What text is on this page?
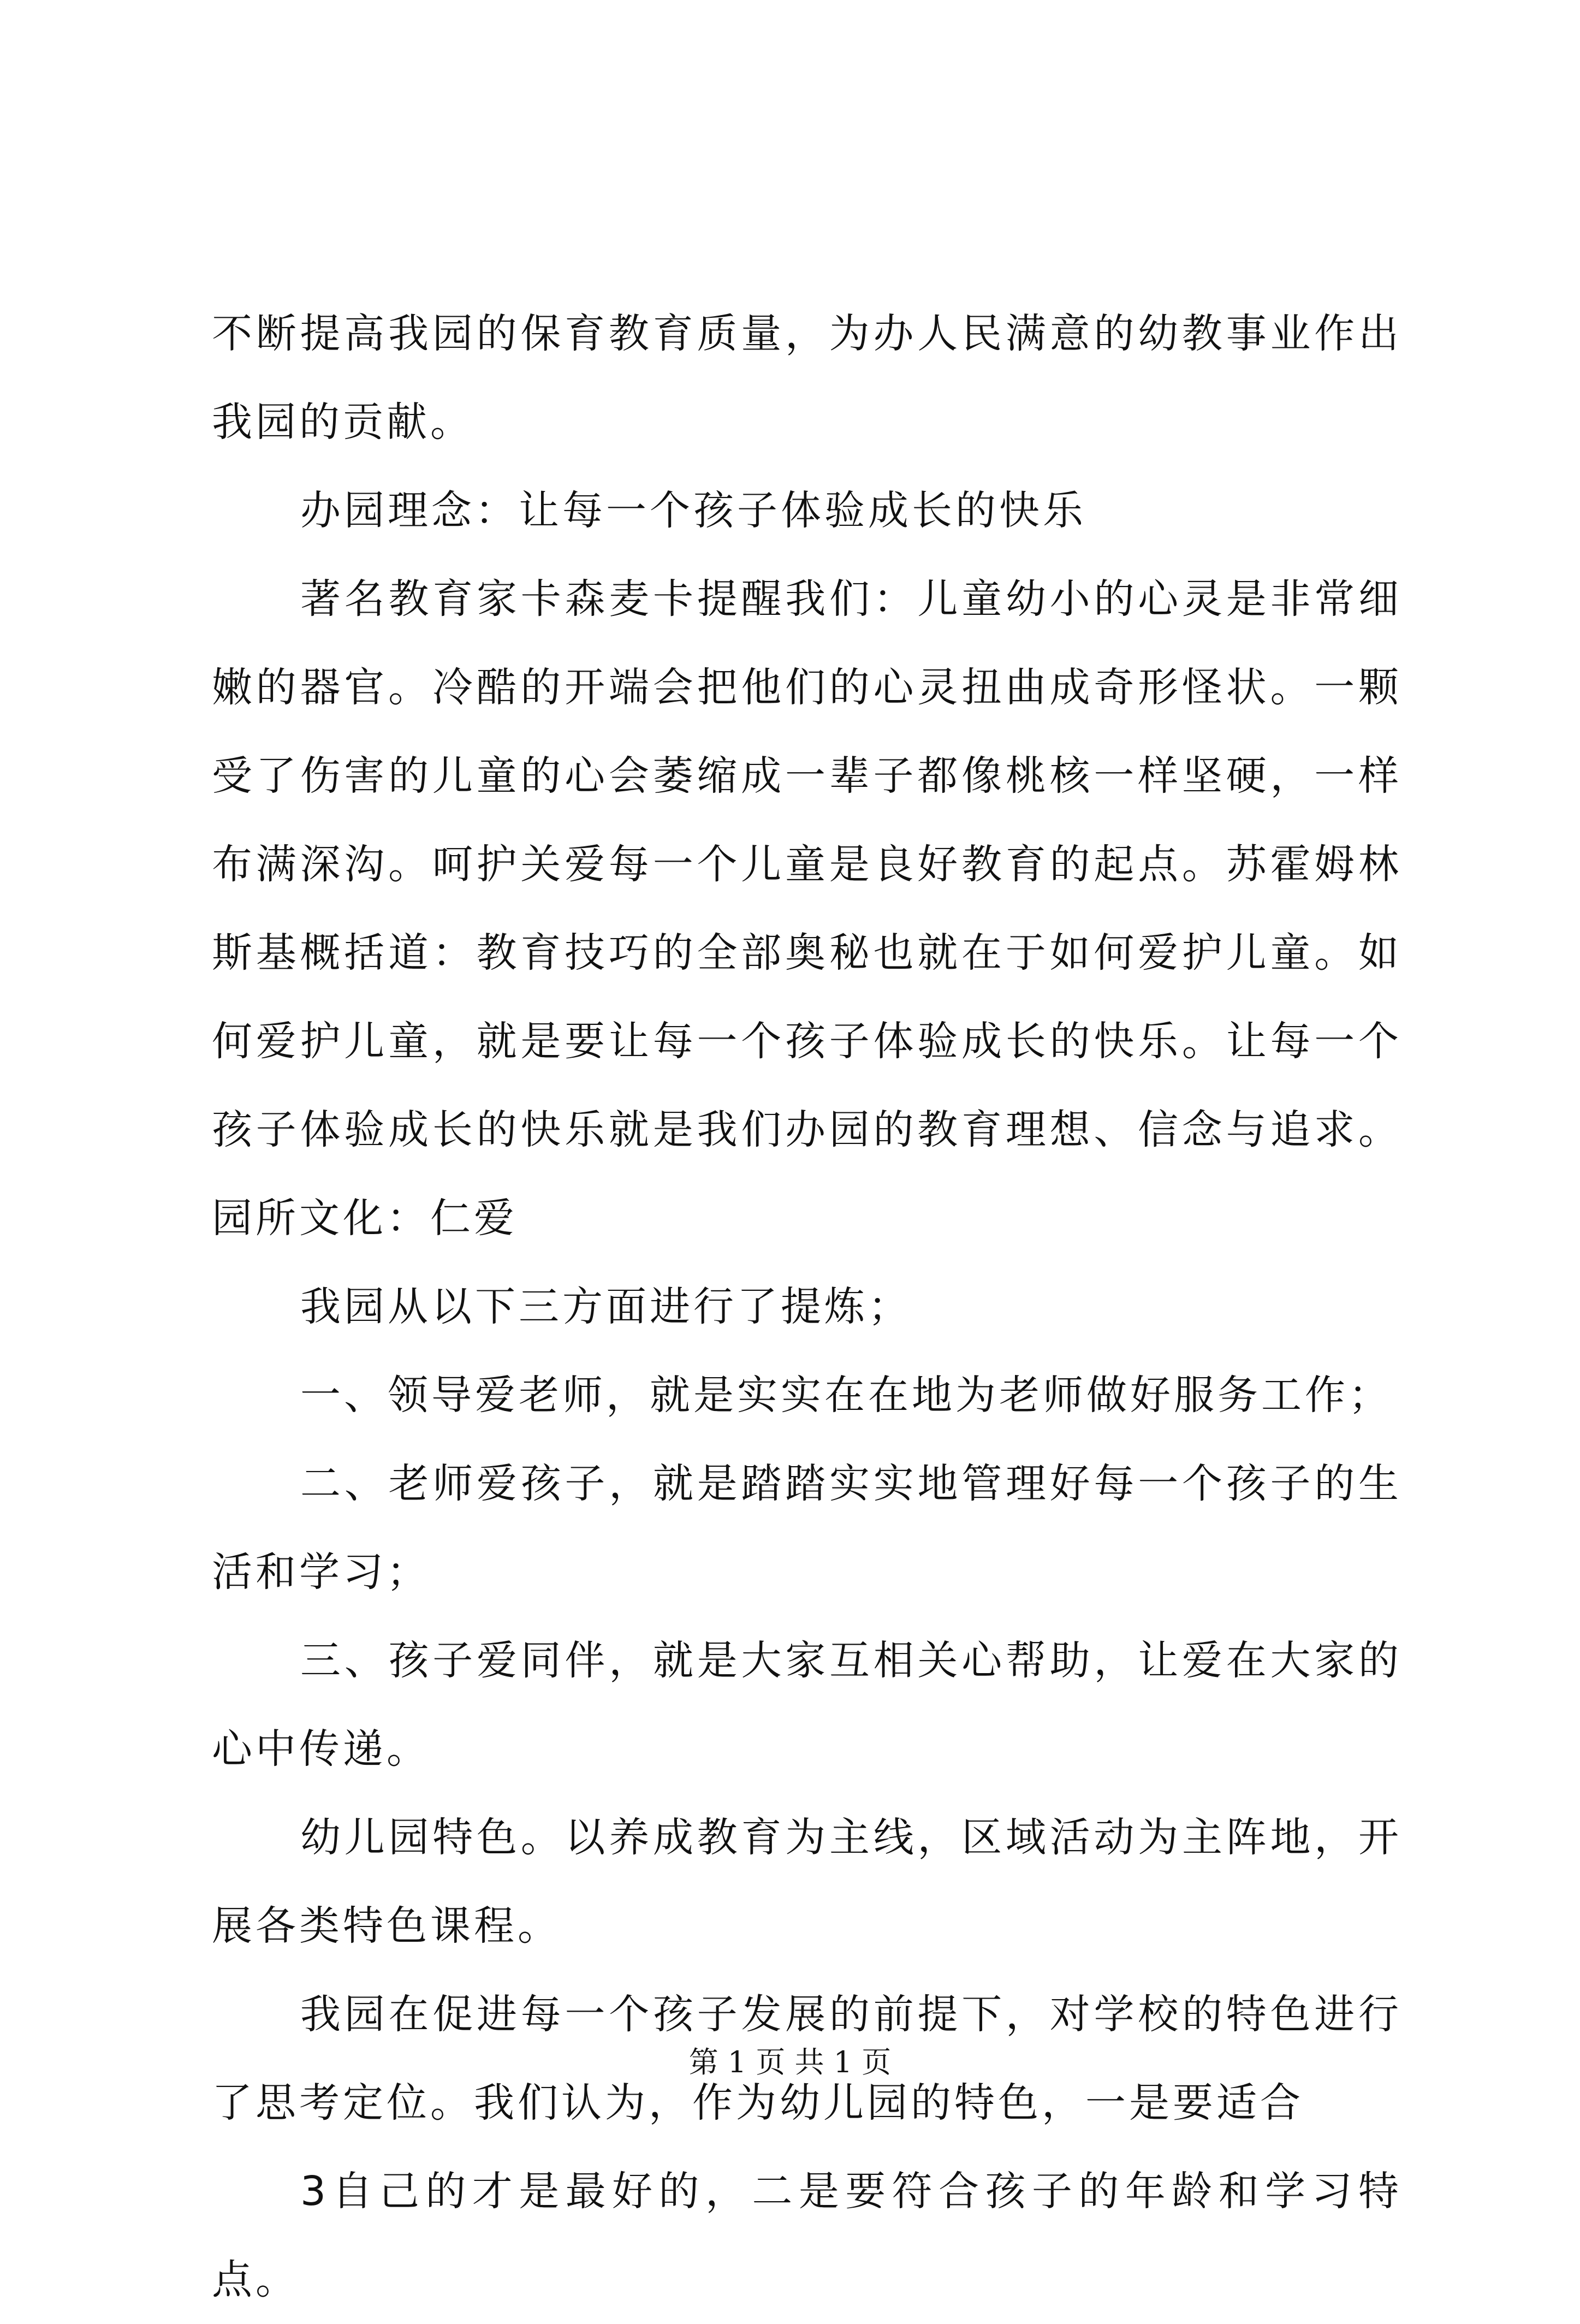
不断提高我园的保育教育质量，为办人民满意的幼教事业作出我园的贡献。

办园理念：让每一个孩子体验成长的快乐

著名教育家卡森麦卡提醒我们：儿童幼小的心灵是非常细嫩的器官。冷酷的开端会把他们的心灵扭曲成奇形怪状。一颗受了伤害的儿童的心会萎缩成一辈子都像桃核一样坚硬，一样布满深沟。呵护关爱每一个儿童是良好教育的起点。苏霍姆林斯基概括道：教育技巧的全部奥秘也就在于如何爱护儿童。如何爱护儿童，就是要让每一个孩子体验成长的快乐。让每一个孩子体验成长的快乐就是我们办园的教育理想、信念与追求。园所文化：仁爱

我园从以下三方面进行了提炼；

一、领导爱老师，就是实实在在地为老师做好服务工作；

二、老师爱孩子，就是踏踏实实地管理好每一个孩子的生活和学习；

三、孩子爱同伴，就是大家互相关心帮助，让爱在大家的心中传递。

幼儿园特色。以养成教育为主线，区域活动为主阵地，开展各类特色课程。

我园在促进每一个孩子发展的前提下，对学校的特色进行了思考定位。我们认为，作为幼儿园的特色，一是要适合

3自己的才是最好的，二是要符合孩子的年龄和学习特点。

第 1 页 共 1 页
